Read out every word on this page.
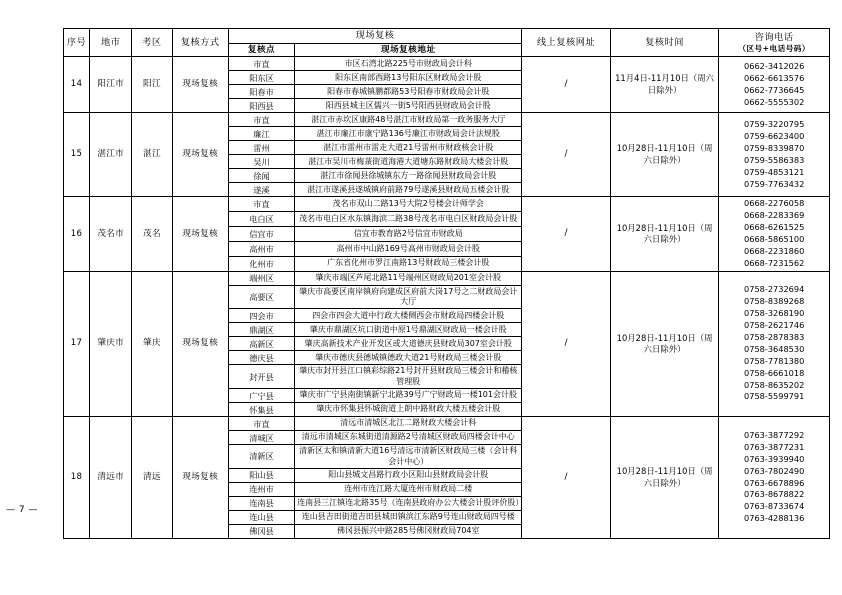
— 7 —
序号	地市	考区	复核方式	现场复核		线上复核网址	复核时间	咨询电话
（区号+电话号码）

				复核点	现场复核地址			
14	阳江市	阳江	现场复核	市直	市区石湾北路225号市财政局会计科	/	11月4日-11月10日（周六日除外）	0662-3412026
0662-6613576
0662-7736645
0662-5555302

				阳东区	阳东区南部西路13号阳东区财政局会计股			
				阳春市	阳春市春城镇鹏都路53号阳春市财政局会计股			
				阳西县	阳西县城主区儒兴一街5号阳西县财政局会计股			
15	湛江市	湛江	现场复核	市直	湛江市赤坎区康路48号湛江市财政局第一政务服务大厅	/	10月28日-11月10日（周六日除外）	
0759-3220795
0759-6623400
0759-8339870
0759-5586383
0759-4853121
0759-7763432

				廉江	湛江市廉江市康宁路136号廉江市财政局会计法规股			
				雷州	湛江市雷州市雷走大道21号雷州市财政核会计股			
				吴川	湛江市吴川市梅菉街道海港大道塘东路财政局大楼会计股			
				徐闻	湛江市徐闻县徐城镇东方一路徐闻县财政局会计股			
				遂溪	湛江市遂溪县遂城镇府前路79号遂溪县财政局五楼会计股			
16	茂名市	茂名	现场复核	市直	茂名市双山二路13号大院2号楼会计师学会	/	10月28日-11月10日（周六日除外）	
0668-2276058
0668-2283369
0668-6261525
0668-5865100
0668-2231860
0668-7231562

				电白区	茂名市电白区水东镇海滨二路38号茂名市电白区财政局会计股			
				信宜市	信宜市教育路2号信宜市财政局			
				高州市	高州市中山路169号高州市财政局会计股			
				化州市	广东省化州市罗江南路13号财政局三楼会计股			
17	肇庆市	肇庆	现场复核	端州区	肇庆市端区芦尾北路11号端州区财政局201室会计股	/	10月28日-11月10日（周六日除外）	
0758-2732694
0758-8389268
0758-3268190
0758-2621746
0758-2878383
0758-3648530
0758-7781380
0758-6661018
0758-8635202
0758-5599791

				高要区	肇庆市高要区南岸镇府向建成区府前大岗17号之二财政局会计大厅			
				四会市	四会市四会大道中行政大楼侧西会市财政局四楼会计股			
				鼎湖区	肇庆市鼎湖区坑口街道中原1号鼎湖区财政局一楼会计股			
				高新区	肇庆高新技术产业开发区或大道德庆县财政局307室会计股			
				德庆县	肇庆市德庆县德城镇德政大道21号财政局三楼会计股			
				封开县	肇庆市封开县江口镇彩综路21号封开县财政局三楼会计和稽核管理股			
				广宁县	肇庆市广宁县南街镇新宁北路39号广宁财政局一楼101会计股			
				怀集县	肇庆市怀集县怀城街道上朗中路财政大楼五楼会计股			
18	清远市	清远	现场复核	市直	清远市清城区北江二路财政大楼会计科	/	10月28日-11月10日（周六日除外）	
0763-3877292
0763-3877231
0763-3939940
0763-7802490
0763-6678896
0763-8678822
0763-8733674
0763-4288136

				清城区	清远市清城区东城街道清源路2号清城区财政局四楼会计中心			
				清新区	清新区太和镇清新大道16号清远市清新区财政局三楼（会计科 会计中心）			
				阳山县	阳山县城文昌路行政小区阳山县财政局会计股			
				连州市	连州市连江路大厦连州市财政局二楼			
				连南县	连南县三江镇连北路35号（连南县政府办公大楼会计股评价股）			
				连山县	连山县吉田街道吉田县城田镇滨江东路9号连山财政局四号楼			
				佛冈县	佛冈县振兴中路285号佛冈财政局704室			
